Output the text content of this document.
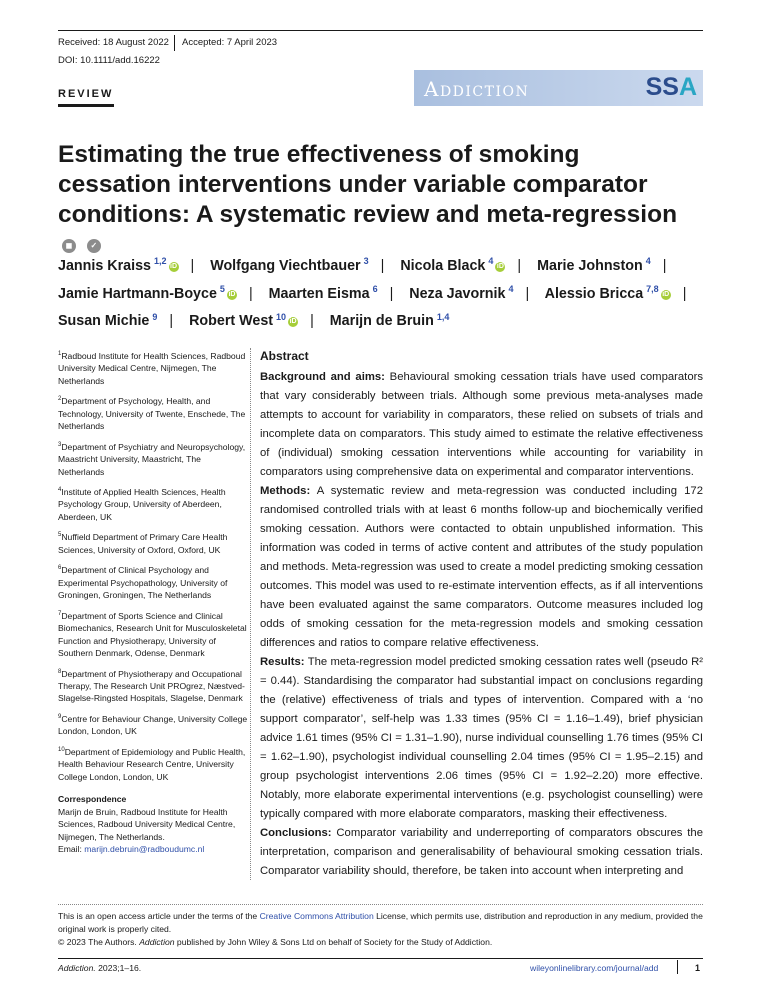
Received: 18 August 2022 Accepted: 7 April 2023
DOI: 10.1111/add.16222
REVIEW	Addiction	SSA
Estimating the true effectiveness of smoking cessation interventions under variable comparator conditions: A systematic review and meta-regression ◼ ✓
Jannis Kraiss $^{1,2}$iD | Wolfgang Viechtbauer $^3$ | Nicola Black $^4$iD | Marie Johnston $^4$ | Jamie Hartmann-Boyce $^5$iD | Maarten Eisma $^6$ | Neza Javornik $^4$ | Alessio Bricca $^{7,8}$iD | Susan Michie $^9$ | Robert West $^{10}$iD | Marijn de Bruin $^{1,4}$
$^1$Radboud Institute for Health Sciences, Radboud University Medical Centre, Nijmegen, The Netherlands
$^2$Department of Psychology, Health, and Technology, University of Twente, Enschede, The Netherlands
$^3$Department of Psychiatry and Neuropsychology, Maastricht University, Maastricht, The Netherlands
$^4$Institute of Applied Health Sciences, Health Psychology Group, University of Aberdeen, Aberdeen, UK
$^5$Nuffield Department of Primary Care Health Sciences, University of Oxford, Oxford, UK
$^6$Department of Clinical Psychology and Experimental Psychopathology, University of Groningen, Groningen, The Netherlands
$^7$Department of Sports Science and Clinical Biomechanics, Research Unit for Musculoskeletal Function and Physiotherapy, University of Southern Denmark, Odense, Denmark
$^8$Department of Physiotherapy and Occupational Therapy, The Research Unit PROgrez, Næstved-Slagelse-Ringsted Hospitals, Slagelse, Denmark
$^9$Centre for Behaviour Change, University College London, London, UK
$^{10}$Department of Epidemiology and Public Health, Health Behaviour Research Centre, University College London, London, UK
Correspondence
Marijn de Bruin, Radboud Institute for Health Sciences, Radboud University Medical Centre, Nijmegen, The Netherlands.
Email: marijn.debruin@radboudumc.nl
Abstract

Background and aims: Behavioural smoking cessation trials have used comparators that vary considerably between trials. Although some previous meta-analyses made attempts to account for variability in comparators, these relied on subsets of trials and incomplete data on comparators. This study aimed to estimate the relative effectiveness of (individual) smoking cessation interventions while accounting for variability in comparators using comprehensive data on experimental and comparator interventions.

Methods: A systematic review and meta-regression was conducted including 172 randomised controlled trials with at least 6 months follow-up and biochemically verified smoking cessation. Authors were contacted to obtain unpublished information. This information was coded in terms of active content and attributes of the study population and methods. Meta-regression was used to create a model predicting smoking cessation outcomes. This model was used to re-estimate intervention effects, as if all interventions have been evaluated against the same comparators. Outcome measures included log odds of smoking cessation for the meta-regression models and smoking cessation differences and ratios to compare relative effectiveness.

Results: The meta-regression model predicted smoking cessation rates well (pseudo R² = 0.44). Standardising the comparator had substantial impact on conclusions regarding the (relative) effectiveness of trials and types of intervention. Compared with a ‘no support comparator’, self-help was 1.33 times (95% CI = 1.16–1.49), brief physician advice 1.61 times (95% CI = 1.31–1.90), nurse individual counselling 1.76 times (95% CI = 1.62–1.90), psychologist individual counselling 2.04 times (95% CI = 1.95–2.15) and group psychologist interventions 2.06 times (95% CI = 1.92–2.20) more effective. Notably, more elaborate experimental interventions (e.g. psychologist counselling) were typically compared with more elaborate comparators, masking their effectiveness.

Conclusions: Comparator variability and underreporting of comparators obscures the interpretation, comparison and generalisability of behavioural smoking cessation trials. Comparator variability should, therefore, be taken into account when interpreting and

This is an open access article under the terms of the Creative Commons Attribution License, which permits use, distribution and reproduction in any medium, provided the original work is properly cited.
© 2023 The Authors. Addiction published by John Wiley & Sons Ltd on behalf of Society for the Study of Addiction.
Addiction. 2023;1–16.	wileyonlinelibrary.com/journal/add	1
